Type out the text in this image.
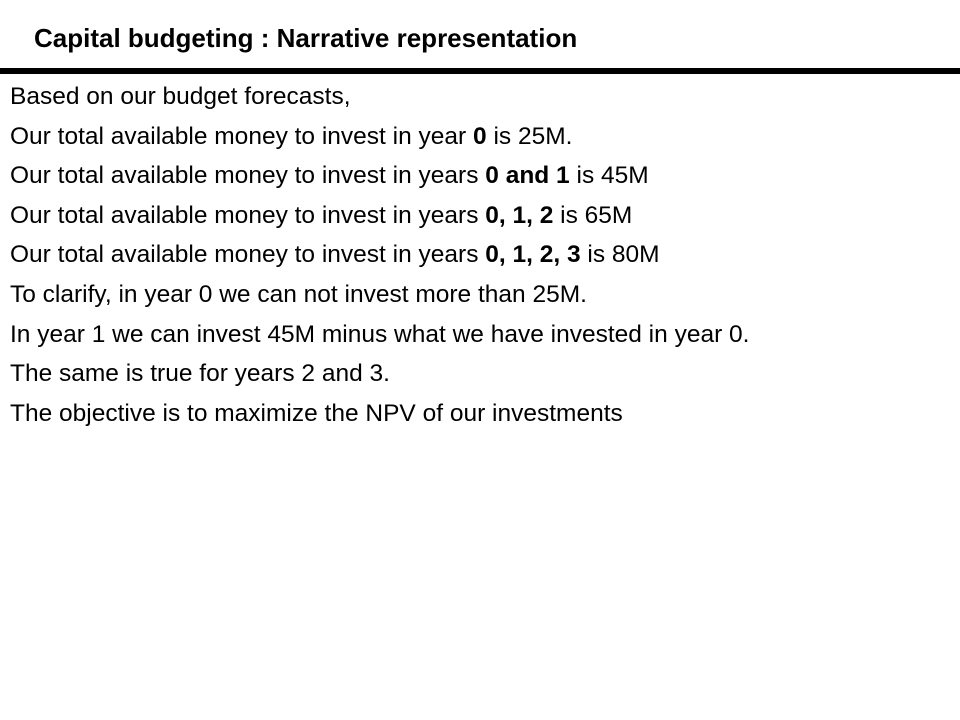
Capital budgeting : Narrative representation

Based on our budget forecasts,

Our total available money to invest in year 0 is 25M.

Our total available money to invest in years 0 and 1 is 45M

Our total available money to invest in years 0, 1, 2 is 65M

Our total available money to invest in years 0, 1, 2, 3 is 80M

To clarify, in year 0 we can not invest more than 25M.

In year 1 we can invest 45M minus what we have invested in year 0.

The same is true for years 2 and 3.

The objective is to maximize the NPV of our investments
